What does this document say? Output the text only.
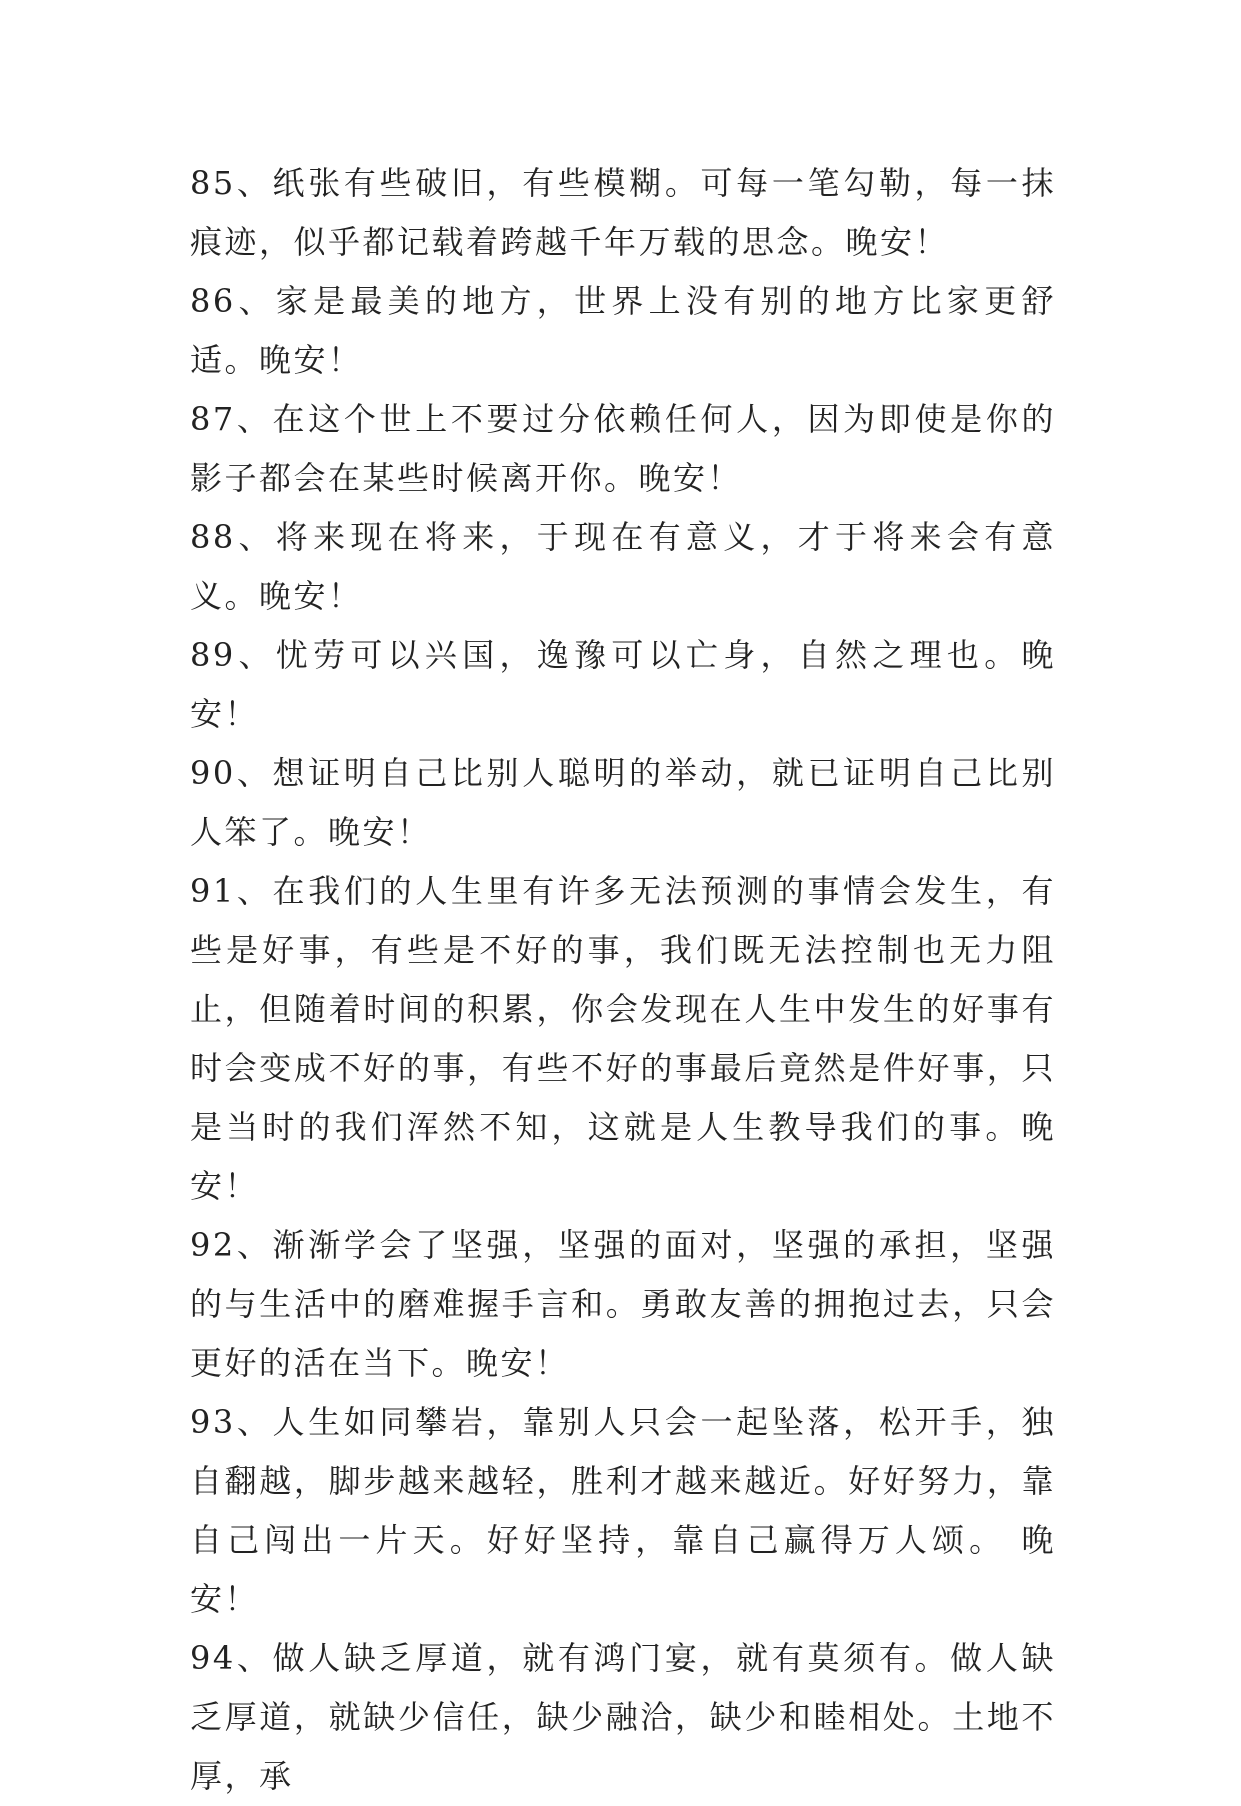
85、纸张有些破旧，有些模糊。可每一笔勾勒，每一抹痕迹，似乎都记载着跨越千年万载的思念。晚安！

86、家是最美的地方，世界上没有别的地方比家更舒适。晚安！

87、在这个世上不要过分依赖任何人，因为即使是你的影子都会在某些时候离开你。晚安！

88、将来现在将来，于现在有意义，才于将来会有意义。晚安！

89、忧劳可以兴国，逸豫可以亡身，自然之理也。晚安！

90、想证明自己比别人聪明的举动，就已证明自己比别人笨了。晚安！

91、在我们的人生里有许多无法预测的事情会发生，有些是好事，有些是不好的事，我们既无法控制也无力阻止，但随着时间的积累，你会发现在人生中发生的好事有时会变成不好的事，有些不好的事最后竟然是件好事，只是当时的我们浑然不知，这就是人生教导我们的事。晚安！

92、渐渐学会了坚强，坚强的面对，坚强的承担，坚强的与生活中的磨难握手言和。勇敢友善的拥抱过去，只会更好的活在当下。晚安！

93、人生如同攀岩，靠别人只会一起坠落，松开手，独自翻越，脚步越来越轻，胜利才越来越近。好好努力，靠自己闯出一片天。好好坚持，靠自己赢得万人颂。 晚安！

94、做人缺乏厚道，就有鸿门宴，就有莫须有。做人缺乏厚道，就缺少信任，缺少融洽，缺少和睦相处。土地不厚，承
